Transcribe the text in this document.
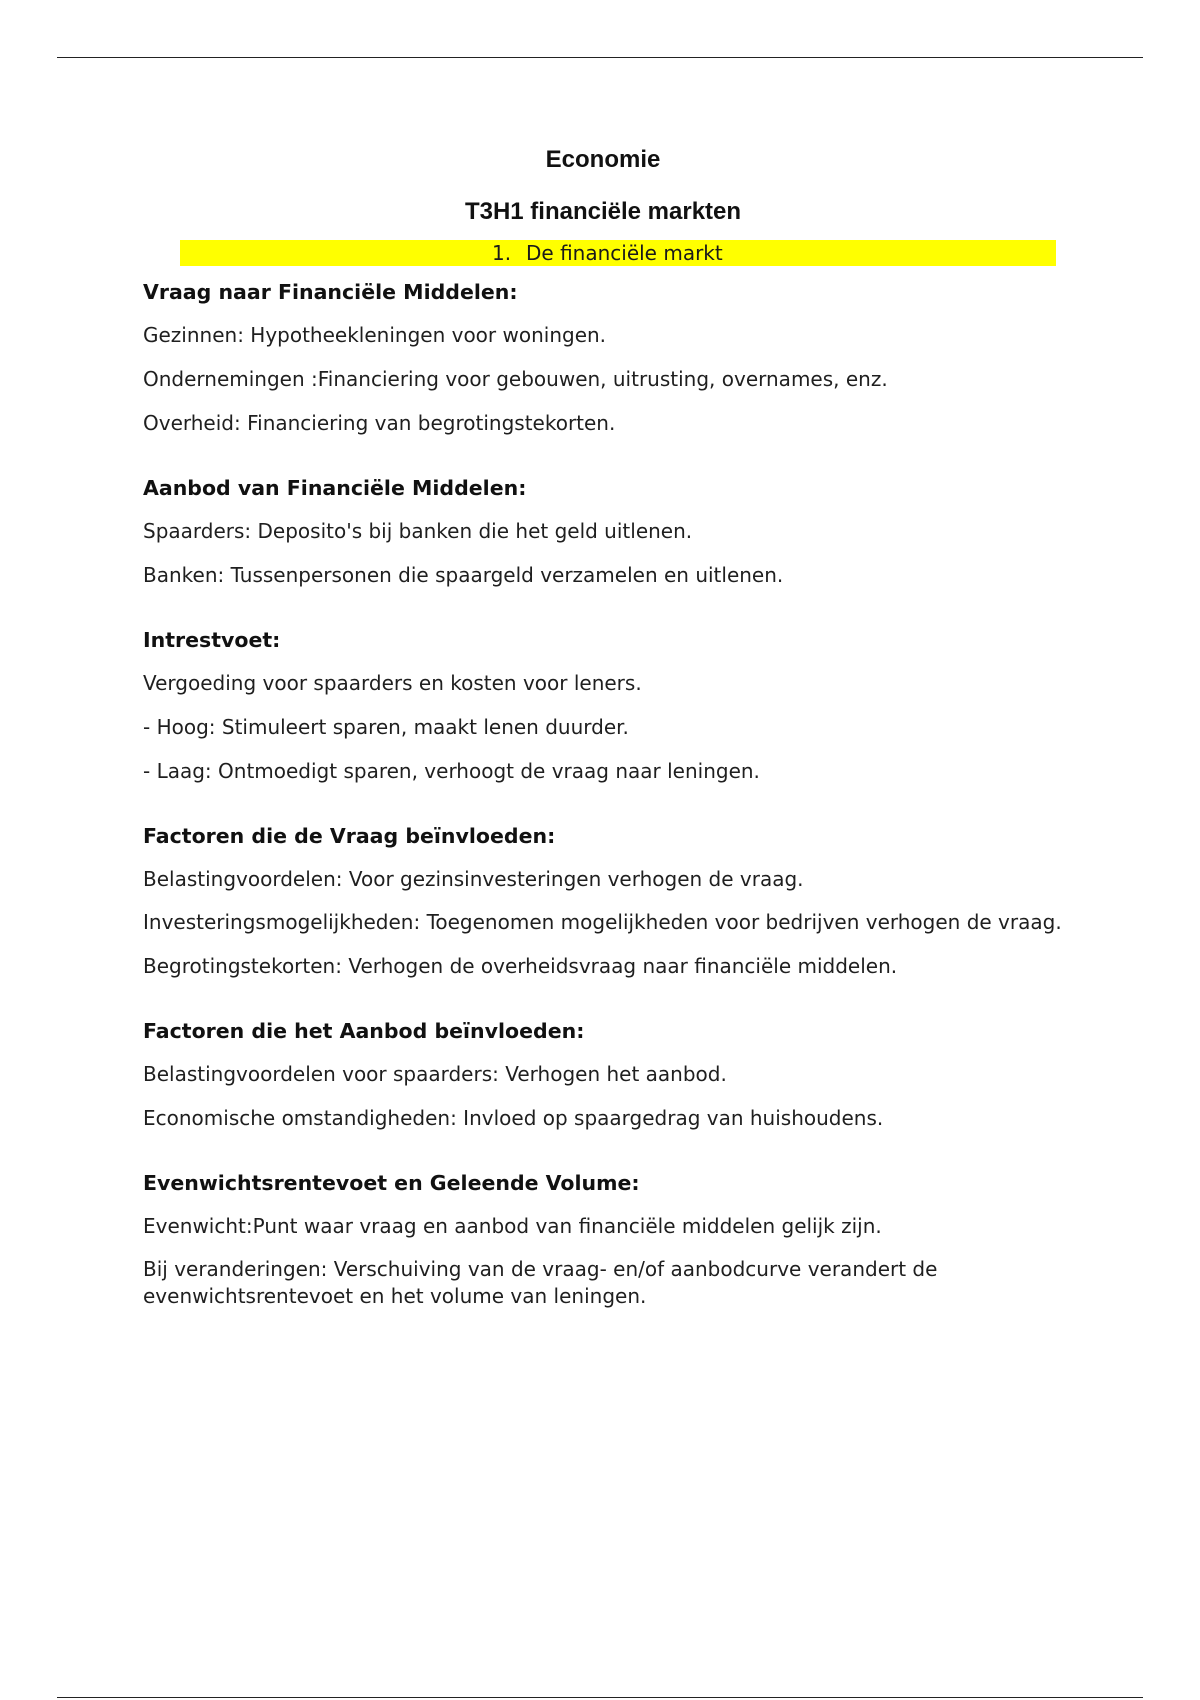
Economie
T3H1 financiële markten
1. De financiële markt
Vraag naar Financiële Middelen:
Gezinnen: Hypotheekleningen voor woningen.
Ondernemingen :Financiering voor gebouwen, uitrusting, overnames, enz.
Overheid: Financiering van begrotingstekorten.
Aanbod van Financiële Middelen:
Spaarders: Deposito's bij banken die het geld uitlenen.
Banken: Tussenpersonen die spaargeld verzamelen en uitlenen.
Intrestvoet:
Vergoeding voor spaarders en kosten voor leners.
- Hoog: Stimuleert sparen, maakt lenen duurder.
- Laag: Ontmoedigt sparen, verhoogt de vraag naar leningen.
Factoren die de Vraag beïnvloeden:
Belastingvoordelen: Voor gezinsinvesteringen verhogen de vraag.
Investeringsmogelijkheden: Toegenomen mogelijkheden voor bedrijven verhogen de vraag.
Begrotingstekorten: Verhogen de overheidsvraag naar financiële middelen.
Factoren die het Aanbod beïnvloeden:
Belastingvoordelen voor spaarders: Verhogen het aanbod.
Economische omstandigheden: Invloed op spaargedrag van huishoudens.
Evenwichtsrentevoet en Geleende Volume:
Evenwicht:Punt waar vraag en aanbod van financiële middelen gelijk zijn.
Bij veranderingen: Verschuiving van de vraag- en/of aanbodcurve verandert de evenwichtsrentevoet en het volume van leningen.
